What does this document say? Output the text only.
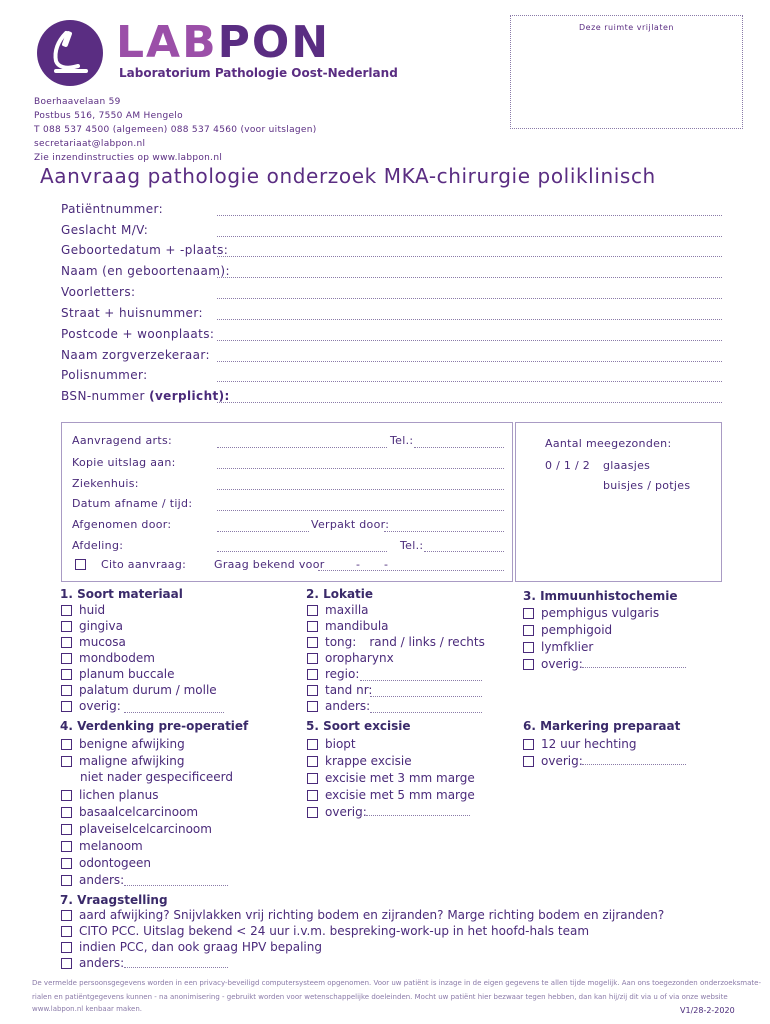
LABPON
Laboratorium Pathologie Oost-Nederland
Deze ruimte vrijlaten
Boerhaavelaan 59
Postbus 516, 7550 AM Hengelo
T 088 537 4500 (algemeen) 088 537 4560 (voor uitslagen)
secretariaat@labpon.nl
Zie inzendinstructies op www.labpon.nl
Aanvraag pathologie onderzoek MKA-chirurgie poliklinisch
Patiëntnummer:
Geslacht M/V:
Geboortedatum + -plaats:
Naam (en geboortenaam):
Voorletters:
Straat + huisnummer:
Postcode + woonplaats:
Naam zorgverzekeraar:
Polisnummer:
BSN-nummer (verplicht):
Aanvragend arts:	Tel.:
Kopie uitslag aan:
Ziekenhuis:
Datum afname / tijd:
Afgenomen door:	Verpakt door:
Afdeling:	Tel.:
Cito aanvraag:	Graag bekend voor	- -
Aantal meegezonden:
0 / 1 / 2 glaasjes
buisjes / potjes
1. Soort materiaal
huid
gingiva
mucosa
mondbodem
planum buccale
palatum durum / molle
overig:
2. Lokatie
maxilla
mandibula
tong: rand / links / rechts
oropharynx
regio:
tand nr:
anders:
3. Immuunhistochemie
pemphigus vulgaris
pemphigoid
lymfklier
overig:
4. Verdenking pre-operatief
benigne afwijking
maligne afwijking
niet nader gespecificeerd
lichen planus
basaalcelcarcinoom
plaveiselcelcarcinoom
melanoom
odontogeen
anders:
5. Soort excisie
biopt
krappe excisie
excisie met 3 mm marge
excisie met 5 mm marge
overig:
6. Markering preparaat
12 uur hechting
overig:
7. Vraagstelling
aard afwijking? Snijvlakken vrij richting bodem en zijranden? Marge richting bodem en zijranden?
CITO PCC. Uitslag bekend < 24 uur i.v.m. bespreking-work-up in het hoofd-hals team
indien PCC, dan ook graag HPV bepaling
anders:
De vermelde persoonsgegevens worden in een privacy-beveiligd computersysteem opgenomen. Voor uw patiënt is inzage in de eigen gegevens te allen tijde mogelijk. Aan ons toegezonden onderzoeksmate-
rialen en patiëntgegevens kunnen - na anonimisering - gebruikt worden voor wetenschappelijke doeleinden. Mocht uw patiënt hier bezwaar tegen hebben, dan kan hij/zij dit via u of via onze website
www.labpon.nl kenbaar maken.	V1/28-2-2020
